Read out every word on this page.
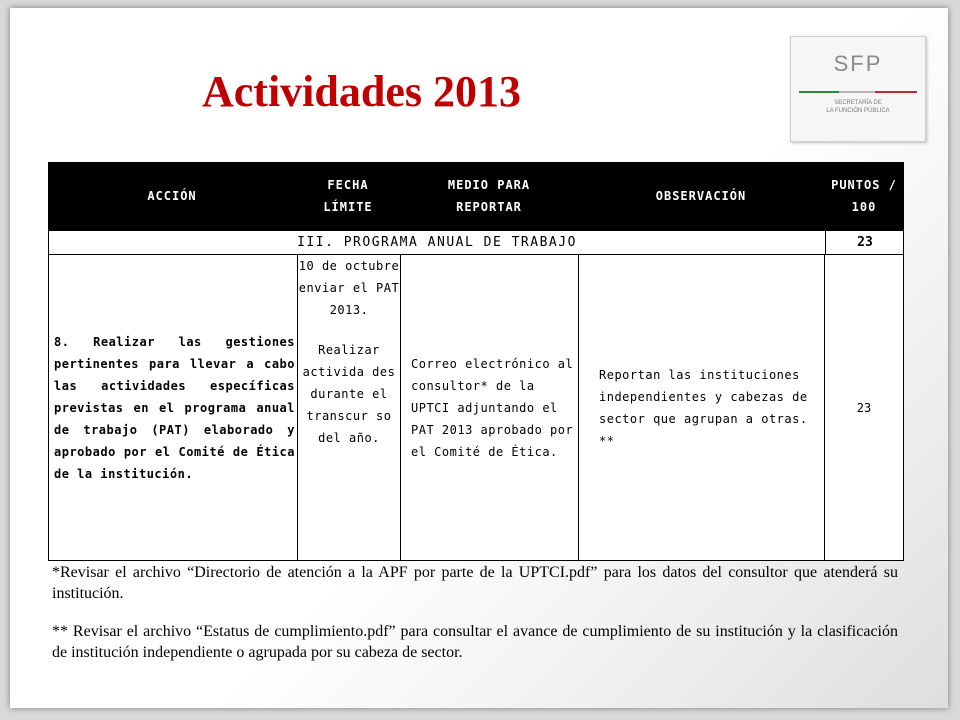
Actividades 2013
SFP
SECRETARÍA DE
LA FUNCIÓN PÚBLICA
ACCIÓN
FECHA
LÍMITE
MEDIO PARA
REPORTAR
OBSERVACIÓN
PUNTOS /
100
III. PROGRAMA ANUAL DE TRABAJO	23
8. Realizar las gestiones pertinentes para llevar a cabo las actividades específicas previstas en el programa anual de trabajo (PAT) elaborado y aprobado por el Comité de Ética de la institución.
10 de octubre enviar el PAT 2013.
Realizar activida des durante el transcur so del año.
Correo electrónico al consultor* de la UPTCI adjuntando el PAT 2013 aprobado por el Comité de Ética.
Reportan las instituciones independientes y cabezas de sector que agrupan a otras. **
23

*Revisar el archivo “Directorio de atención a la APF por parte de la UPTCI.pdf” para los datos del consultor que atenderá su institución.

** Revisar el archivo “Estatus de cumplimiento.pdf” para consultar el avance de cumplimiento de su institución y la clasificación de institución independiente o agrupada por su cabeza de sector.
